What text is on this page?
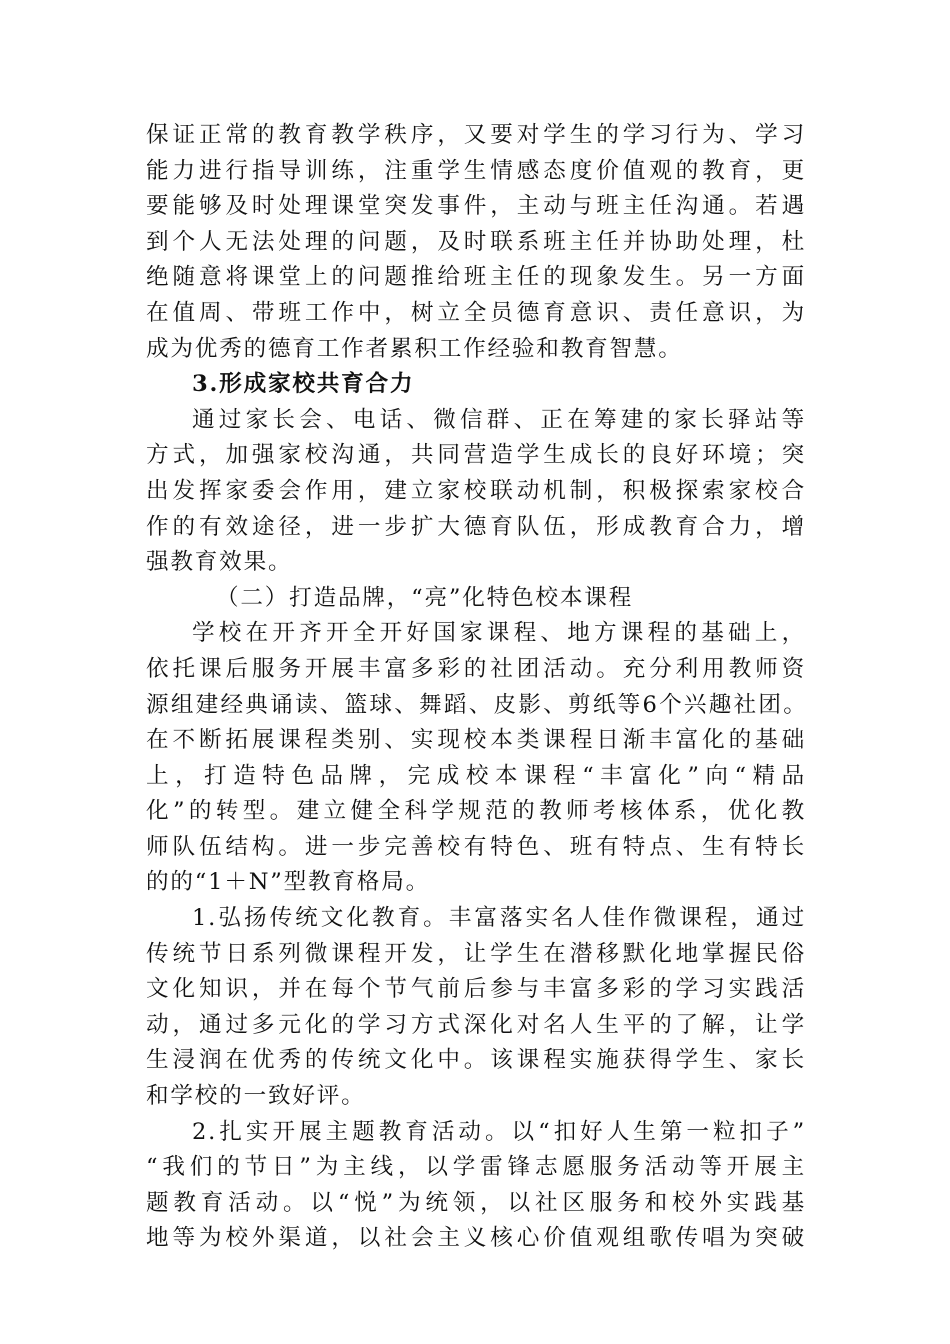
保证正常的教育教学秩序，又要对学生的学习行为、学习
能力进行指导训练，注重学生情感态度价值观的教育，更
要能够及时处理课堂突发事件，主动与班主任沟通。若遇
到个人无法处理的问题，及时联系班主任并协助处理，杜
绝随意将课堂上的问题推给班主任的现象发生。另一方面
在值周、带班工作中，树立全员德育意识、责任意识，为
成为优秀的德育工作者累积工作经验和教育智慧。
3.形成家校共育合力
通过家长会、电话、微信群、正在筹建的家长驿站等
方式，加强家校沟通，共同营造学生成长的良好环境；突
出发挥家委会作用，建立家校联动机制，积极探索家校合
作的有效途径，进一步扩大德育队伍，形成教育合力，增
强教育效果。
（二）打造品牌，“亮”化特色校本课程
学校在开齐开全开好国家课程、地方课程的基础上，
依托课后服务开展丰富多彩的社团活动。充分利用教师资
源组建经典诵读、篮球、舞蹈、皮影、剪纸等6个兴趣社团。
在不断拓展课程类别、实现校本类课程日渐丰富化的基础
上，打造特色品牌，完成校本课程“丰富化”向“精品
化”的转型。建立健全科学规范的教师考核体系，优化教
师队伍结构。进一步完善校有特色、班有特点、生有特长
的的“1＋N”型教育格局。
1.弘扬传统文化教育。丰富落实名人佳作微课程，通过
传统节日系列微课程开发，让学生在潜移默化地掌握民俗
文化知识，并在每个节气前后参与丰富多彩的学习实践活
动，通过多元化的学习方式深化对名人生平的了解，让学
生浸润在优秀的传统文化中。该课程实施获得学生、家长
和学校的一致好评。
2.扎实开展主题教育活动。以“扣好人生第一粒扣子”
“我们的节日”为主线，以学雷锋志愿服务活动等开展主
题教育活动。以“悦”为统领，以社区服务和校外实践基
地等为校外渠道，以社会主义核心价值观组歌传唱为突破
